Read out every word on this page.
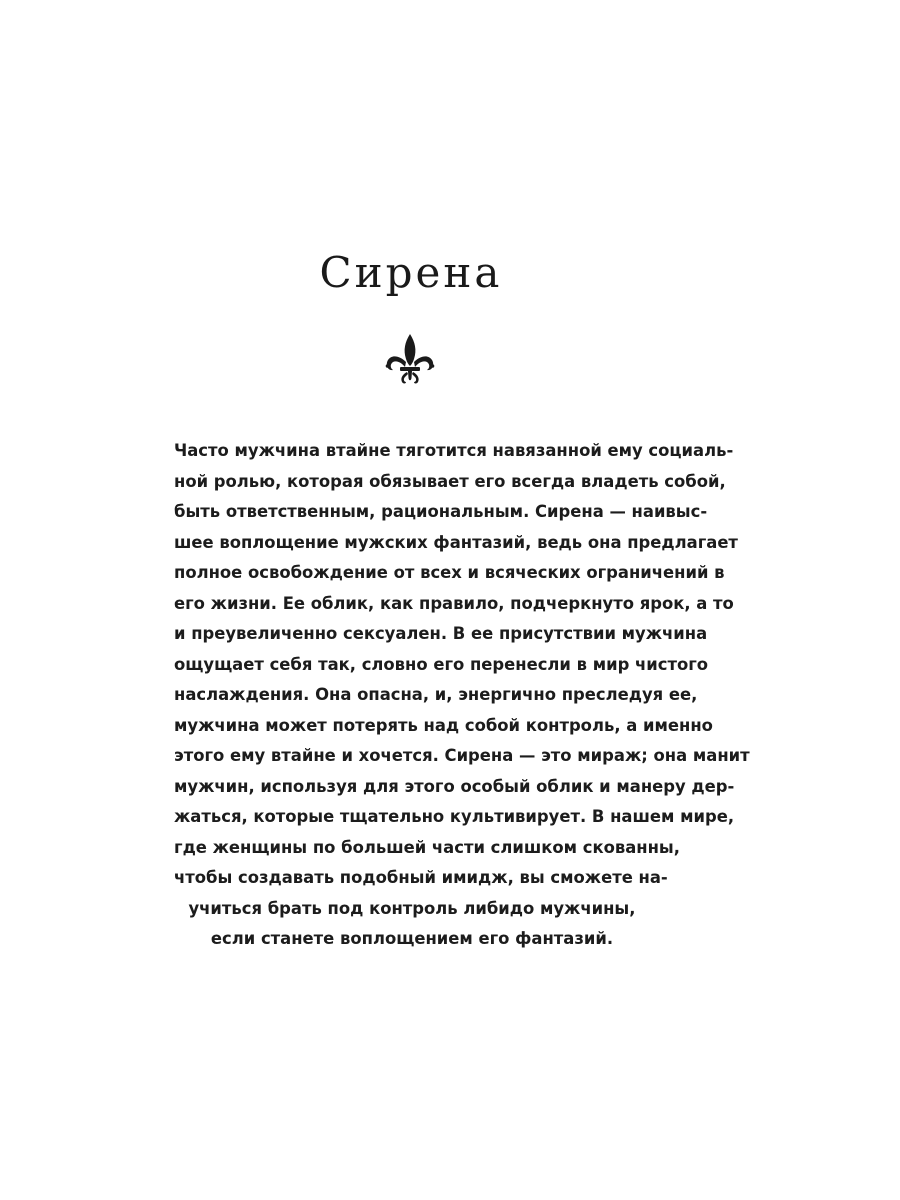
Сирена
Часто мужчина втайне тяготится навязанной ему социаль-
ной ролью, которая обязывает его всегда владеть собой,
быть ответственным, рациональным. Сирена — наивыс-
шее воплощение мужских фантазий, ведь она предлагает
полное освобождение от всех и всяческих ограничений в
его жизни. Ее облик, как правило, подчеркнуто ярок, а то
и преувеличенно сексуален. В ее присутствии мужчина
ощущает себя так, словно его перенесли в мир чистого
наслаждения. Она опасна, и, энергично преследуя ее,
мужчина может потерять над собой контроль, а именно
этого ему втайне и хочется. Сирена — это мираж; она манит
мужчин, используя для этого особый облик и манеру дер-
жаться, которые тщательно культивирует. В нашем мире,
где женщины по большей части слишком скованны,
чтобы создавать подобный имидж, вы сможете на-
учиться брать под контроль либидо мужчины,
если станете воплощением его фантазий.
